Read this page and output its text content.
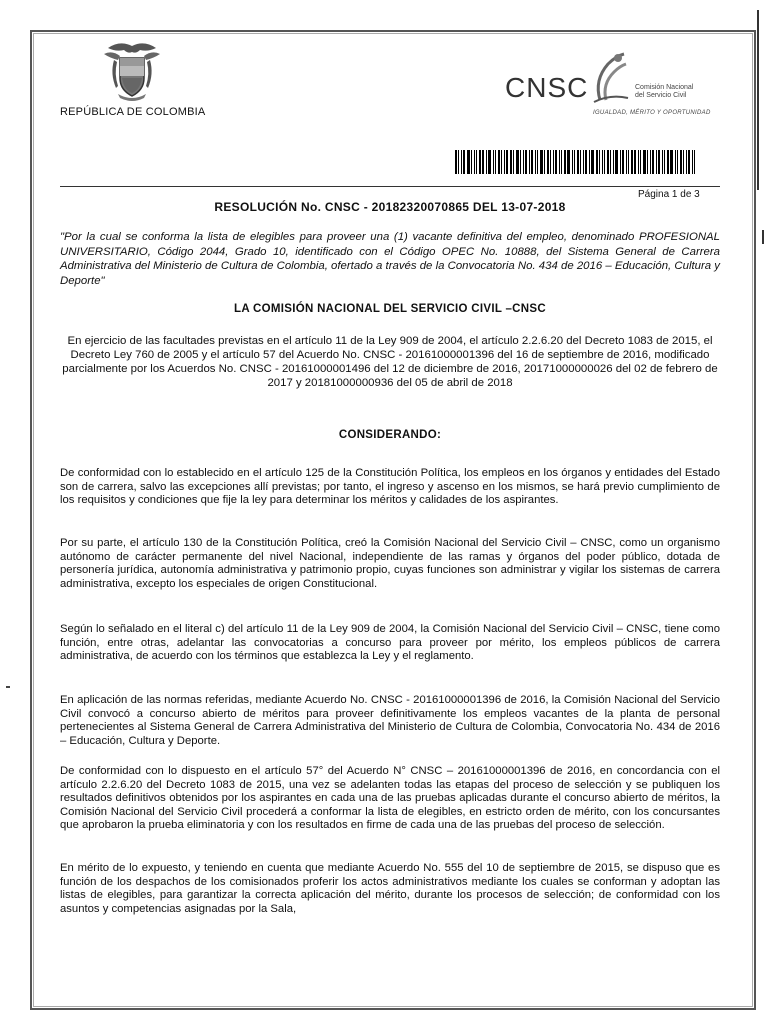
REPÚBLICA DE COLOMBIA
CNSC	Comisión Nacional
del Servicio Civil
IGUALDAD, MÉRITO Y OPORTUNIDAD
Página 1 de 3
RESOLUCIÓN No. CNSC - 20182320070865 DEL 13-07-2018
"Por la cual se conforma la lista de elegibles para proveer una (1) vacante definitiva del empleo, denominado PROFESIONAL UNIVERSITARIO, Código 2044, Grado 10, identificado con el Código OPEC No. 10888, del Sistema General de Carrera Administrativa del Ministerio de Cultura de Colombia, ofertado a través de la Convocatoria No. 434 de 2016 – Educación, Cultura y Deporte"
LA COMISIÓN NACIONAL DEL SERVICIO CIVIL –CNSC
En ejercicio de las facultades previstas en el artículo 11 de la Ley 909 de 2004, el artículo 2.2.6.20 del Decreto 1083 de 2015, el Decreto Ley 760 de 2005 y el artículo 57 del Acuerdo No. CNSC - 20161000001396 del 16 de septiembre de 2016, modificado parcialmente por los Acuerdos No. CNSC - 20161000001496 del 12 de diciembre de 2016, 20171000000026 del 02 de febrero de 2017 y 20181000000936 del 05 de abril de 2018
CONSIDERANDO:
De conformidad con lo establecido en el artículo 125 de la Constitución Política, los empleos en los órganos y entidades del Estado son de carrera, salvo las excepciones allí previstas; por tanto, el ingreso y ascenso en los mismos, se hará previo cumplimiento de los requisitos y condiciones que fije la ley para determinar los méritos y calidades de los aspirantes.
Por su parte, el artículo 130 de la Constitución Política, creó la Comisión Nacional del Servicio Civil – CNSC, como un organismo autónomo de carácter permanente del nivel Nacional, independiente de las ramas y órganos del poder público, dotada de personería jurídica, autonomía administrativa y patrimonio propio, cuyas funciones son administrar y vigilar los sistemas de carrera administrativa, excepto los especiales de origen Constitucional.
Según lo señalado en el literal c) del artículo 11 de la Ley 909 de 2004, la Comisión Nacional del Servicio Civil – CNSC, tiene como función, entre otras, adelantar las convocatorias a concurso para proveer por mérito, los empleos públicos de carrera administrativa, de acuerdo con los términos que establezca la Ley y el reglamento.
En aplicación de las normas referidas, mediante Acuerdo No. CNSC - 20161000001396 de 2016, la Comisión Nacional del Servicio Civil convocó a concurso abierto de méritos para proveer definitivamente los empleos vacantes de la planta de personal pertenecientes al Sistema General de Carrera Administrativa del Ministerio de Cultura de Colombia, Convocatoria No. 434 de 2016 – Educación, Cultura y Deporte.
De conformidad con lo dispuesto en el artículo 57° del Acuerdo N° CNSC – 20161000001396 de 2016, en concordancia con el artículo 2.2.6.20 del Decreto 1083 de 2015, una vez se adelanten todas las etapas del proceso de selección y se publiquen los resultados definitivos obtenidos por los aspirantes en cada una de las pruebas aplicadas durante el concurso abierto de méritos, la Comisión Nacional del Servicio Civil procederá a conformar la lista de elegibles, en estricto orden de mérito, con los concursantes que aprobaron la prueba eliminatoria y con los resultados en firme de cada una de las pruebas del proceso de selección.
En mérito de lo expuesto, y teniendo en cuenta que mediante Acuerdo No. 555 del 10 de septiembre de 2015, se dispuso que es función de los despachos de los comisionados proferir los actos administrativos mediante los cuales se conforman y adoptan las listas de elegibles, para garantizar la correcta aplicación del mérito, durante los procesos de selección; de conformidad con los asuntos y competencias asignadas por la Sala,
